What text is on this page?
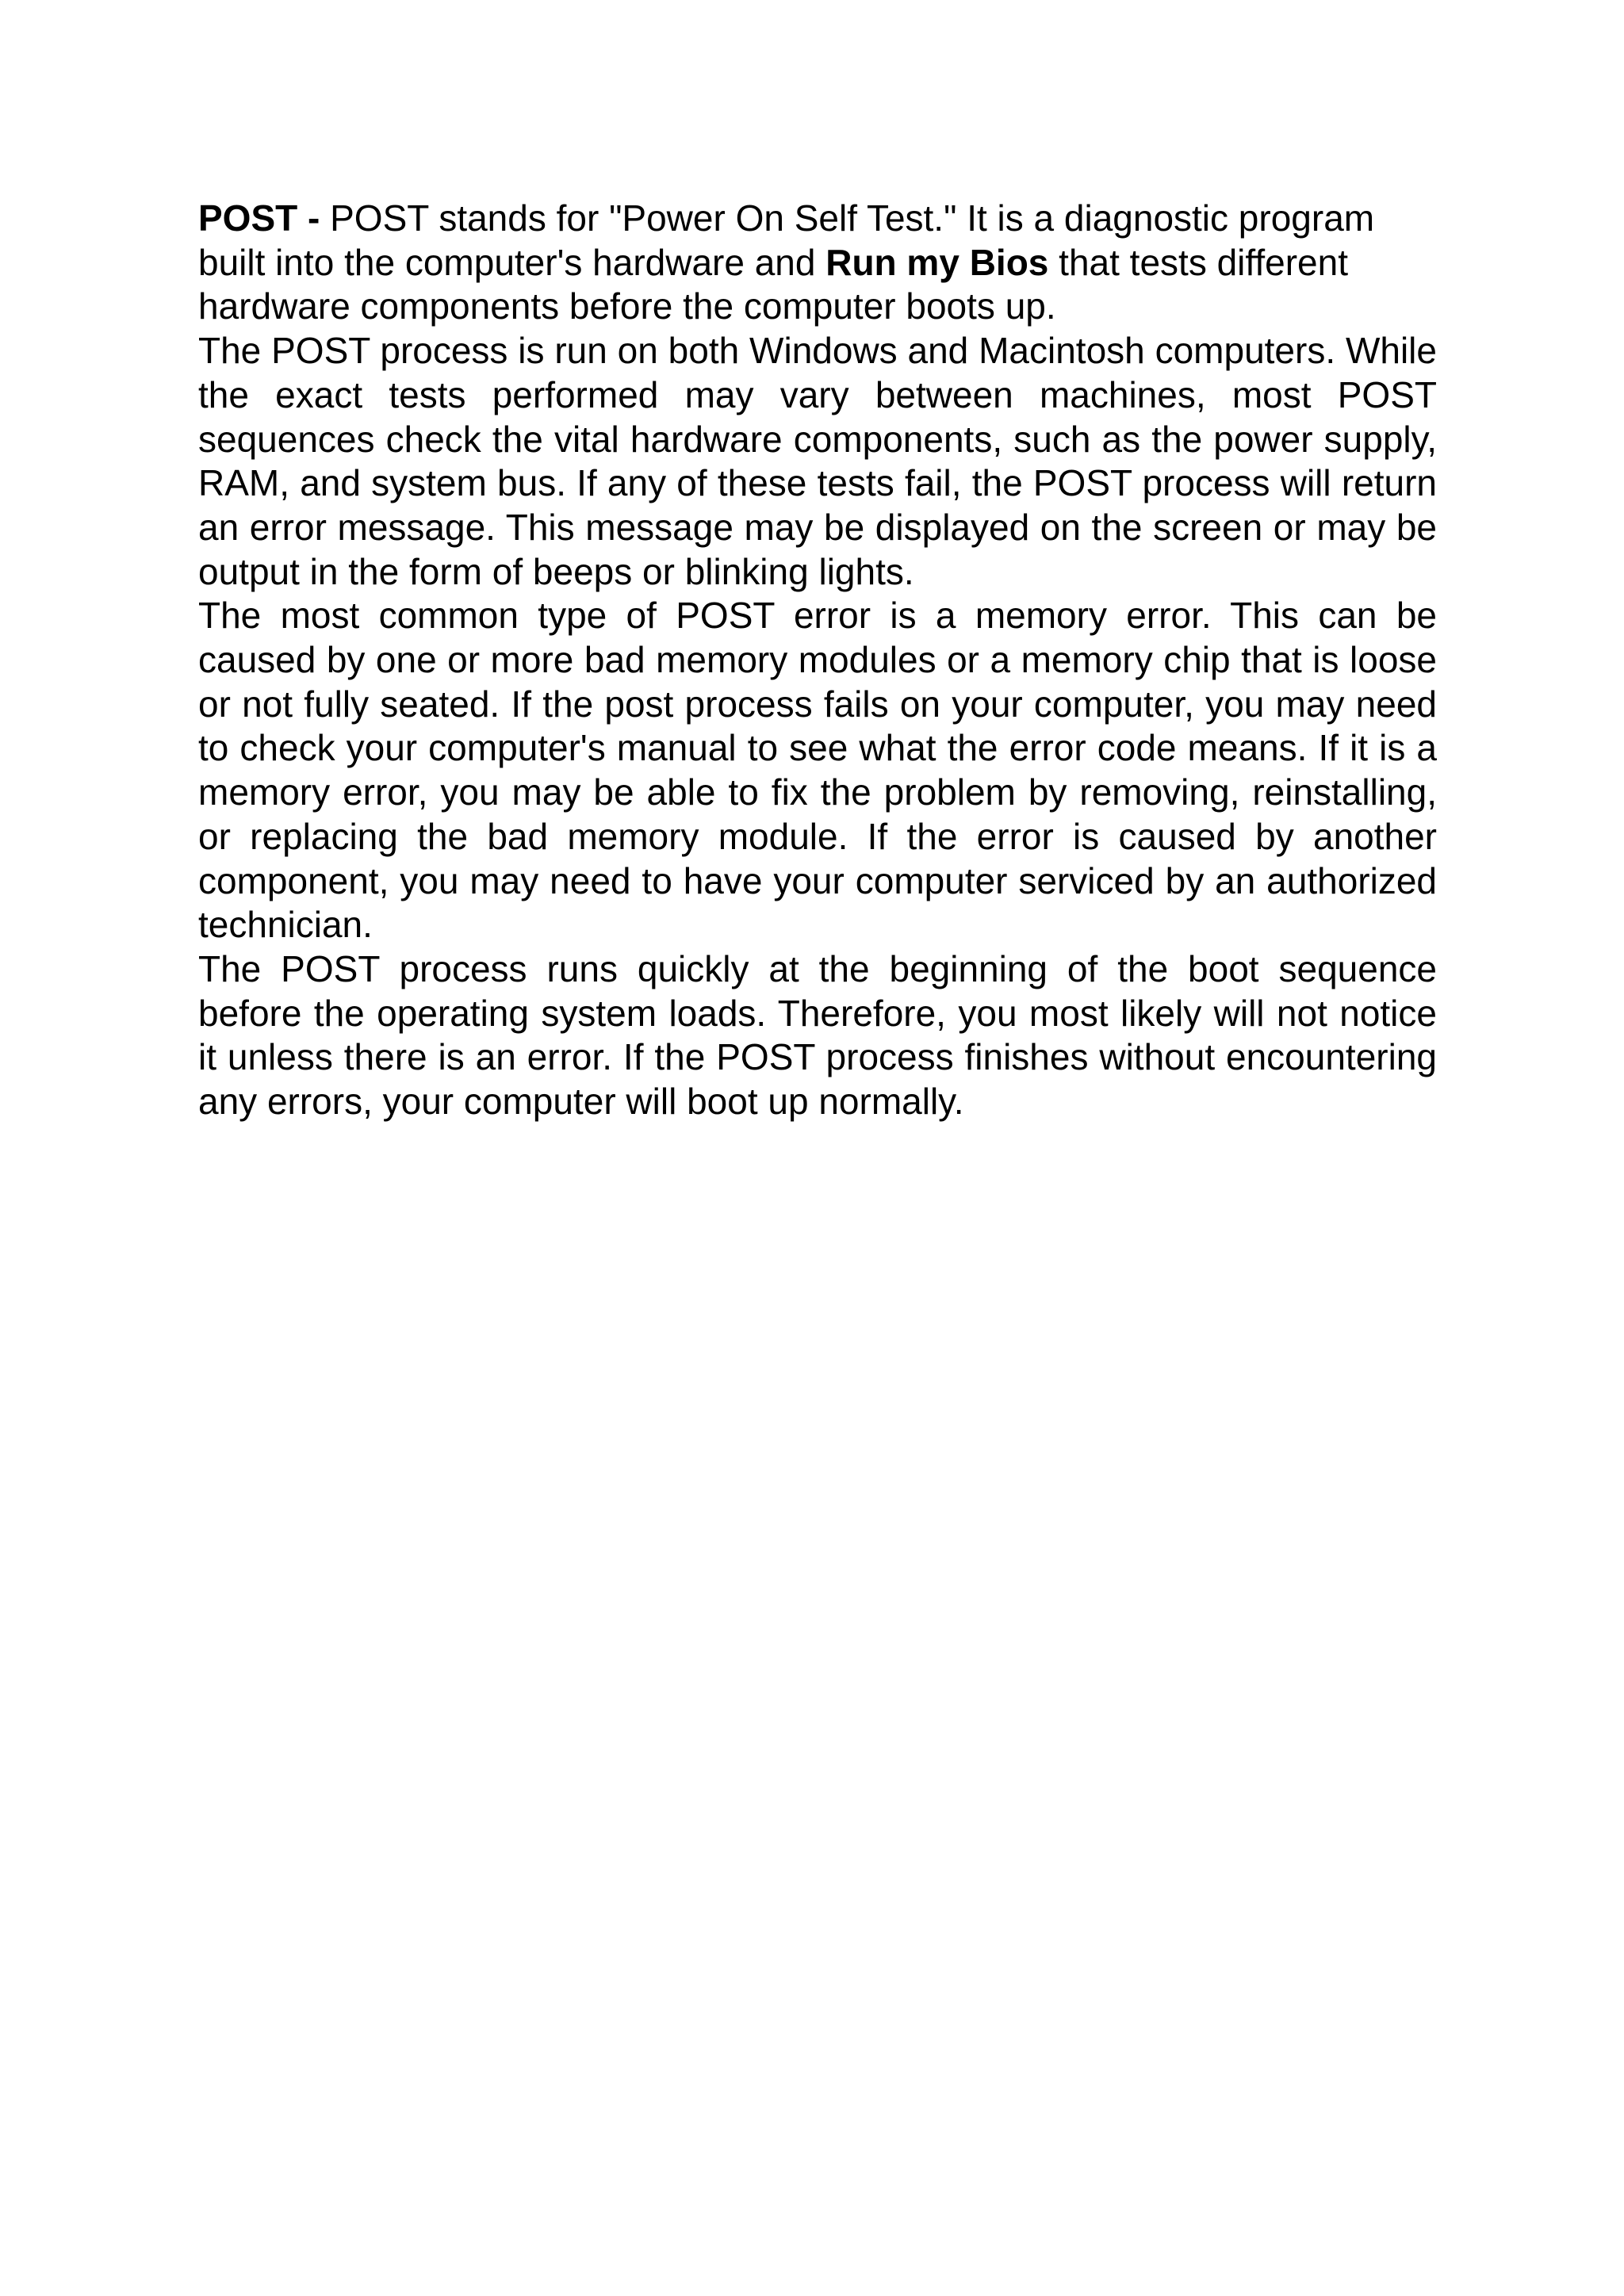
POST - POST stands for "Power On Self Test." It is a diagnostic program built into the computer's hardware and Run my Bios that tests different hardware components before the computer boots up.

The POST process is run on both Windows and Macintosh computers. While the exact tests performed may vary between machines, most POST sequences check the vital hardware components, such as the power supply, RAM, and system bus. If any of these tests fail, the POST process will return an error message. This message may be displayed on the screen or may be output in the form of beeps or blinking lights.

The most common type of POST error is a memory error. This can be caused by one or more bad memory modules or a memory chip that is loose or not fully seated. If the post process fails on your computer, you may need to check your computer's manual to see what the error code means. If it is a memory error, you may be able to fix the problem by removing, reinstalling, or replacing the bad memory module. If the error is caused by another component, you may need to have your computer serviced by an authorized technician.

The POST process runs quickly at the beginning of the boot sequence before the operating system loads. Therefore, you most likely will not notice it unless there is an error. If the POST process finishes without encountering any errors, your computer will boot up normally.
